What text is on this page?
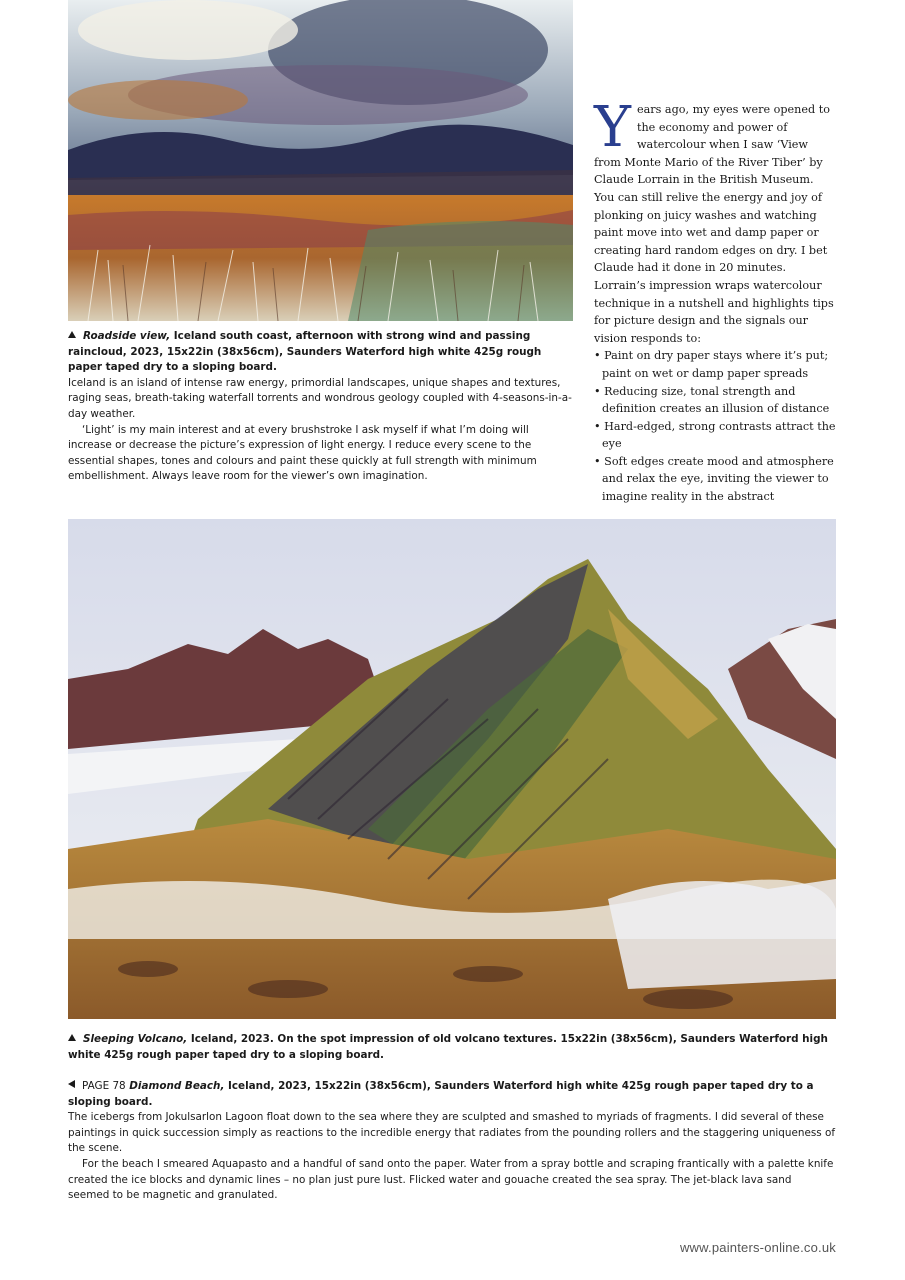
Roadside view, Iceland south coast, afternoon with strong wind and passing raincloud, 2023, 15x22in (38x56cm), Saunders Waterford high white 425g rough paper taped dry to a sloping board.

Iceland is an island of intense raw energy, primordial landscapes, unique shapes and textures, raging seas, breath-taking waterfall torrents and wondrous geology coupled with 4-seasons-in-a-day weather.

‘Light’ is my main interest and at every brushstroke I ask myself if what I’m doing will increase or decrease the picture’s expression of light energy. I reduce every scene to the essential shapes, tones and colours and paint these quickly at full strength with minimum embellishment. Always leave room for the viewer’s own imagination.

Y ears ago, my eyes were opened to the economy and power of watercolour when I saw ‘View from Monte Mario of the River Tiber’ by Claude Lorrain in the British Museum. You can still relive the energy and joy of plonking on juicy washes and watching paint move into wet and damp paper or creating hard random edges on dry. I bet Claude had it done in 20 minutes. Lorrain’s impression wraps watercolour technique in a nutshell and highlights tips for picture design and the signals our vision responds to:

• Paint on dry paper stays where it’s put; paint on wet or damp paper spreads
• Reducing size, tonal strength and definition creates an illusion of distance
• Hard-edged, strong contrasts attract the eye
• Soft edges create mood and atmosphere and relax the eye, inviting the viewer to imagine reality in the abstract
Sleeping Volcano, Iceland, 2023. On the spot impression of old volcano textures. 15x22in (38x56cm), Saunders Waterford high white 425g rough paper taped dry to a sloping board.
PAGE 78 Diamond Beach, Iceland, 2023, 15x22in (38x56cm), Saunders Waterford high white 425g rough paper taped dry to a sloping board.

The icebergs from Jokulsarlon Lagoon float down to the sea where they are sculpted and smashed to myriads of fragments. I did several of these paintings in quick succession simply as reactions to the incredible energy that radiates from the pounding rollers and the staggering uniqueness of the scene.

For the beach I smeared Aquapasto and a handful of sand onto the paper. Water from a spray bottle and scraping frantically with a palette knife created the ice blocks and dynamic lines – no plan just pure lust. Flicked water and gouache created the sea spray. The jet-black lava sand seemed to be magnetic and granulated.

www.painters-online.co.uk
